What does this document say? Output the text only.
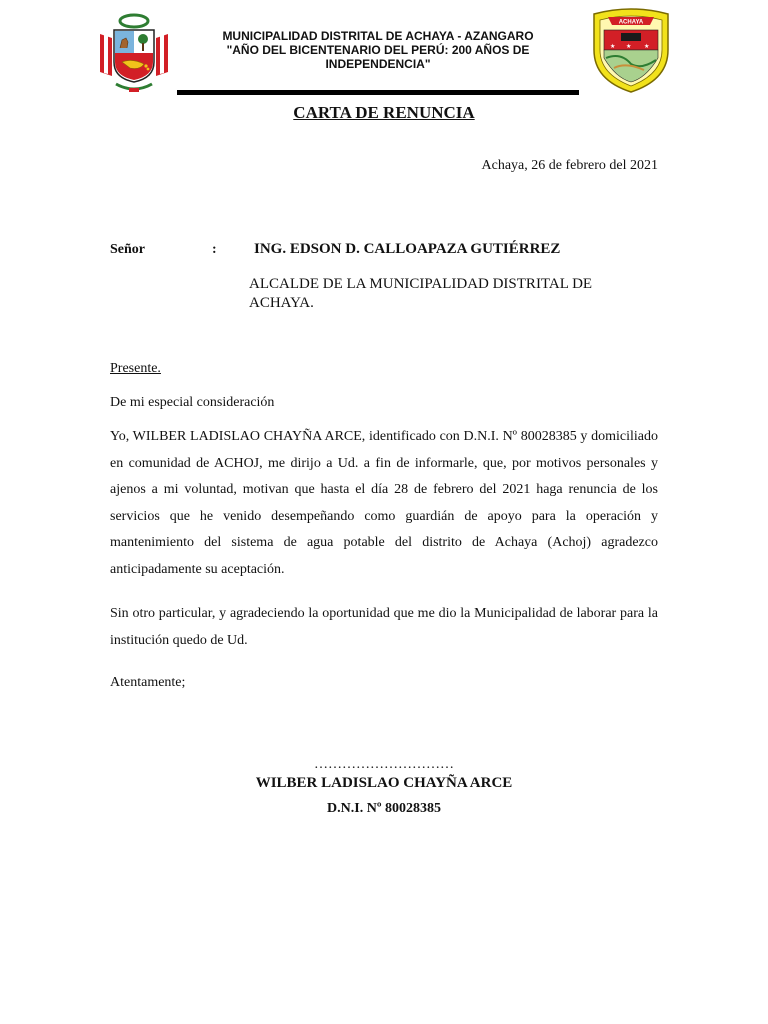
MUNICIPALIDAD DISTRITAL DE ACHAYA - AZANGARO
"AÑO DEL BICENTENARIO DEL PERÚ: 200 AÑOS DE
INDEPENDENCIA"
ACHAYA
★ ★ ★
CARTA DE RENUNCIA
Achaya, 26 de febrero del 2021
Señor	: ING. EDSON D. CALLOAPAZA GUTIÉRREZ
ALCALDE DE LA MUNICIPALIDAD DISTRITAL DE ACHAYA.
Presente.
De mi especial consideración
Yo, WILBER LADISLAO CHAYÑA ARCE, identificado con D.N.I. Nº 80028385 y domiciliado en comunidad de ACHOJ, me dirijo a Ud. a fin de informarle, que, por motivos personales y ajenos a mi voluntad, motivan que hasta el día 28 de febrero del 2021 haga renuncia de los servicios que he venido desempeñando como guardián de apoyo para la operación y mantenimiento del sistema de agua potable del distrito de Achaya (Achoj) agradezco anticipadamente su aceptación.
Sin otro particular, y agradeciendo la oportunidad que me dio la Municipalidad de laborar para la institución quedo de Ud.
Atentamente;
…………………………
WILBER LADISLAO CHAYÑA ARCE
D.N.I. Nº 80028385
